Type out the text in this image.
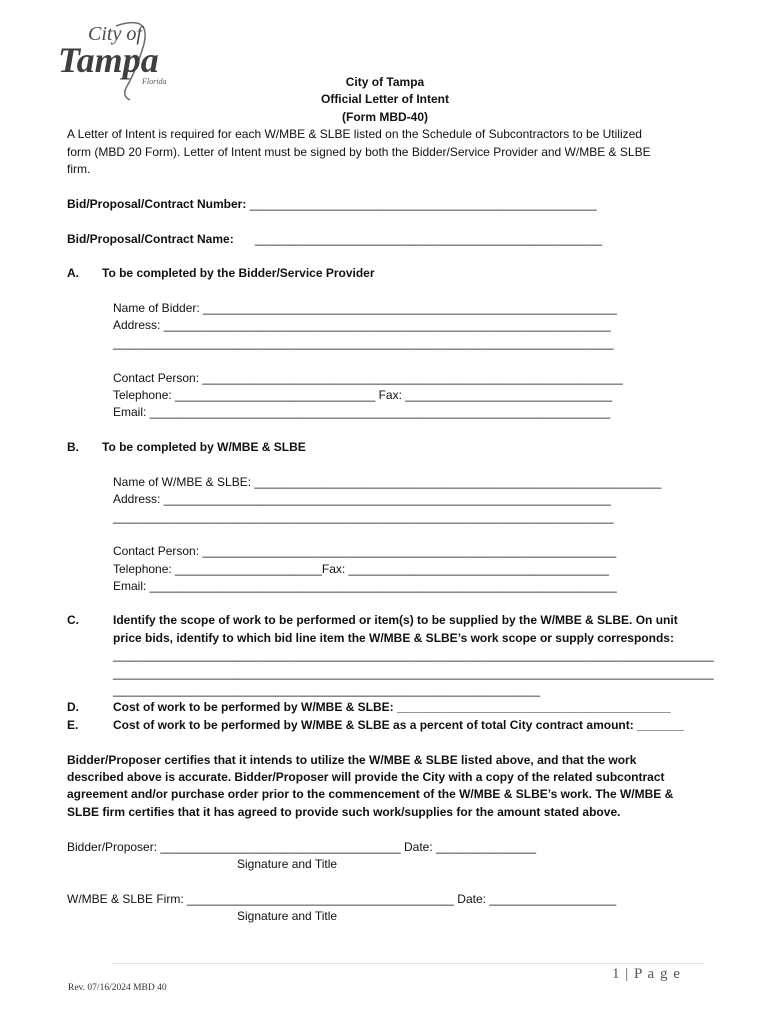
City of
Tampa
Florida	City of Tampa
Official Letter of Intent
(Form MBD-40)
A Letter of Intent is required for each W/MBE & SLBE listed on the Schedule of Subcontractors to be Utilized
form (MBD 20 Form). Letter of Intent must be signed by both the Bidder/Service Provider and W/MBE & SLBE
firm.
Bid/Proposal/Contract Number: ____________________________________________________
Bid/Proposal/Contract Name: ____________________________________________________
A. To be completed by the Bidder/Service Provider
Name of Bidder: ______________________________________________________________
Address: ___________________________________________________________________
___________________________________________________________________________
Contact Person: _______________________________________________________________
Telephone: ______________________________ Fax: _______________________________
Email: _____________________________________________________________________
B. To be completed by W/MBE & SLBE
Name of W/MBE & SLBE: _____________________________________________________________
Address: ___________________________________________________________________
___________________________________________________________________________
Contact Person: ______________________________________________________________
Telephone: ______________________Fax: _______________________________________
Email: ______________________________________________________________________
C.	Identify the scope of work to be performed or item(s) to be supplied by the W/MBE & SLBE. On unit
price bids, identify to which bid line item the W/MBE & SLBE’s work scope or supply corresponds:
__________________________________________________________________________________________
__________________________________________________________________________________________
________________________________________________________________
D.	Cost of work to be performed by W/MBE & SLBE: _________________________________________
E.	Cost of work to be performed by W/MBE & SLBE as a percent of total City contract amount: _______
Bidder/Proposer certifies that it intends to utilize the W/MBE & SLBE listed above, and that the work
described above is accurate. Bidder/Proposer will provide the City with a copy of the related subcontract
agreement and/or purchase order prior to the commencement of the W/MBE & SLBE’s work. The W/MBE &
SLBE firm certifies that it has agreed to provide such work/supplies for the amount stated above.
Bidder/Proposer: ____________________________________ Date: _______________
Signature and Title
W/MBE & SLBE Firm: ________________________________________ Date: ___________________
Signature and Title
1 | P a g e
Rev. 07/16/2024 MBD 40
